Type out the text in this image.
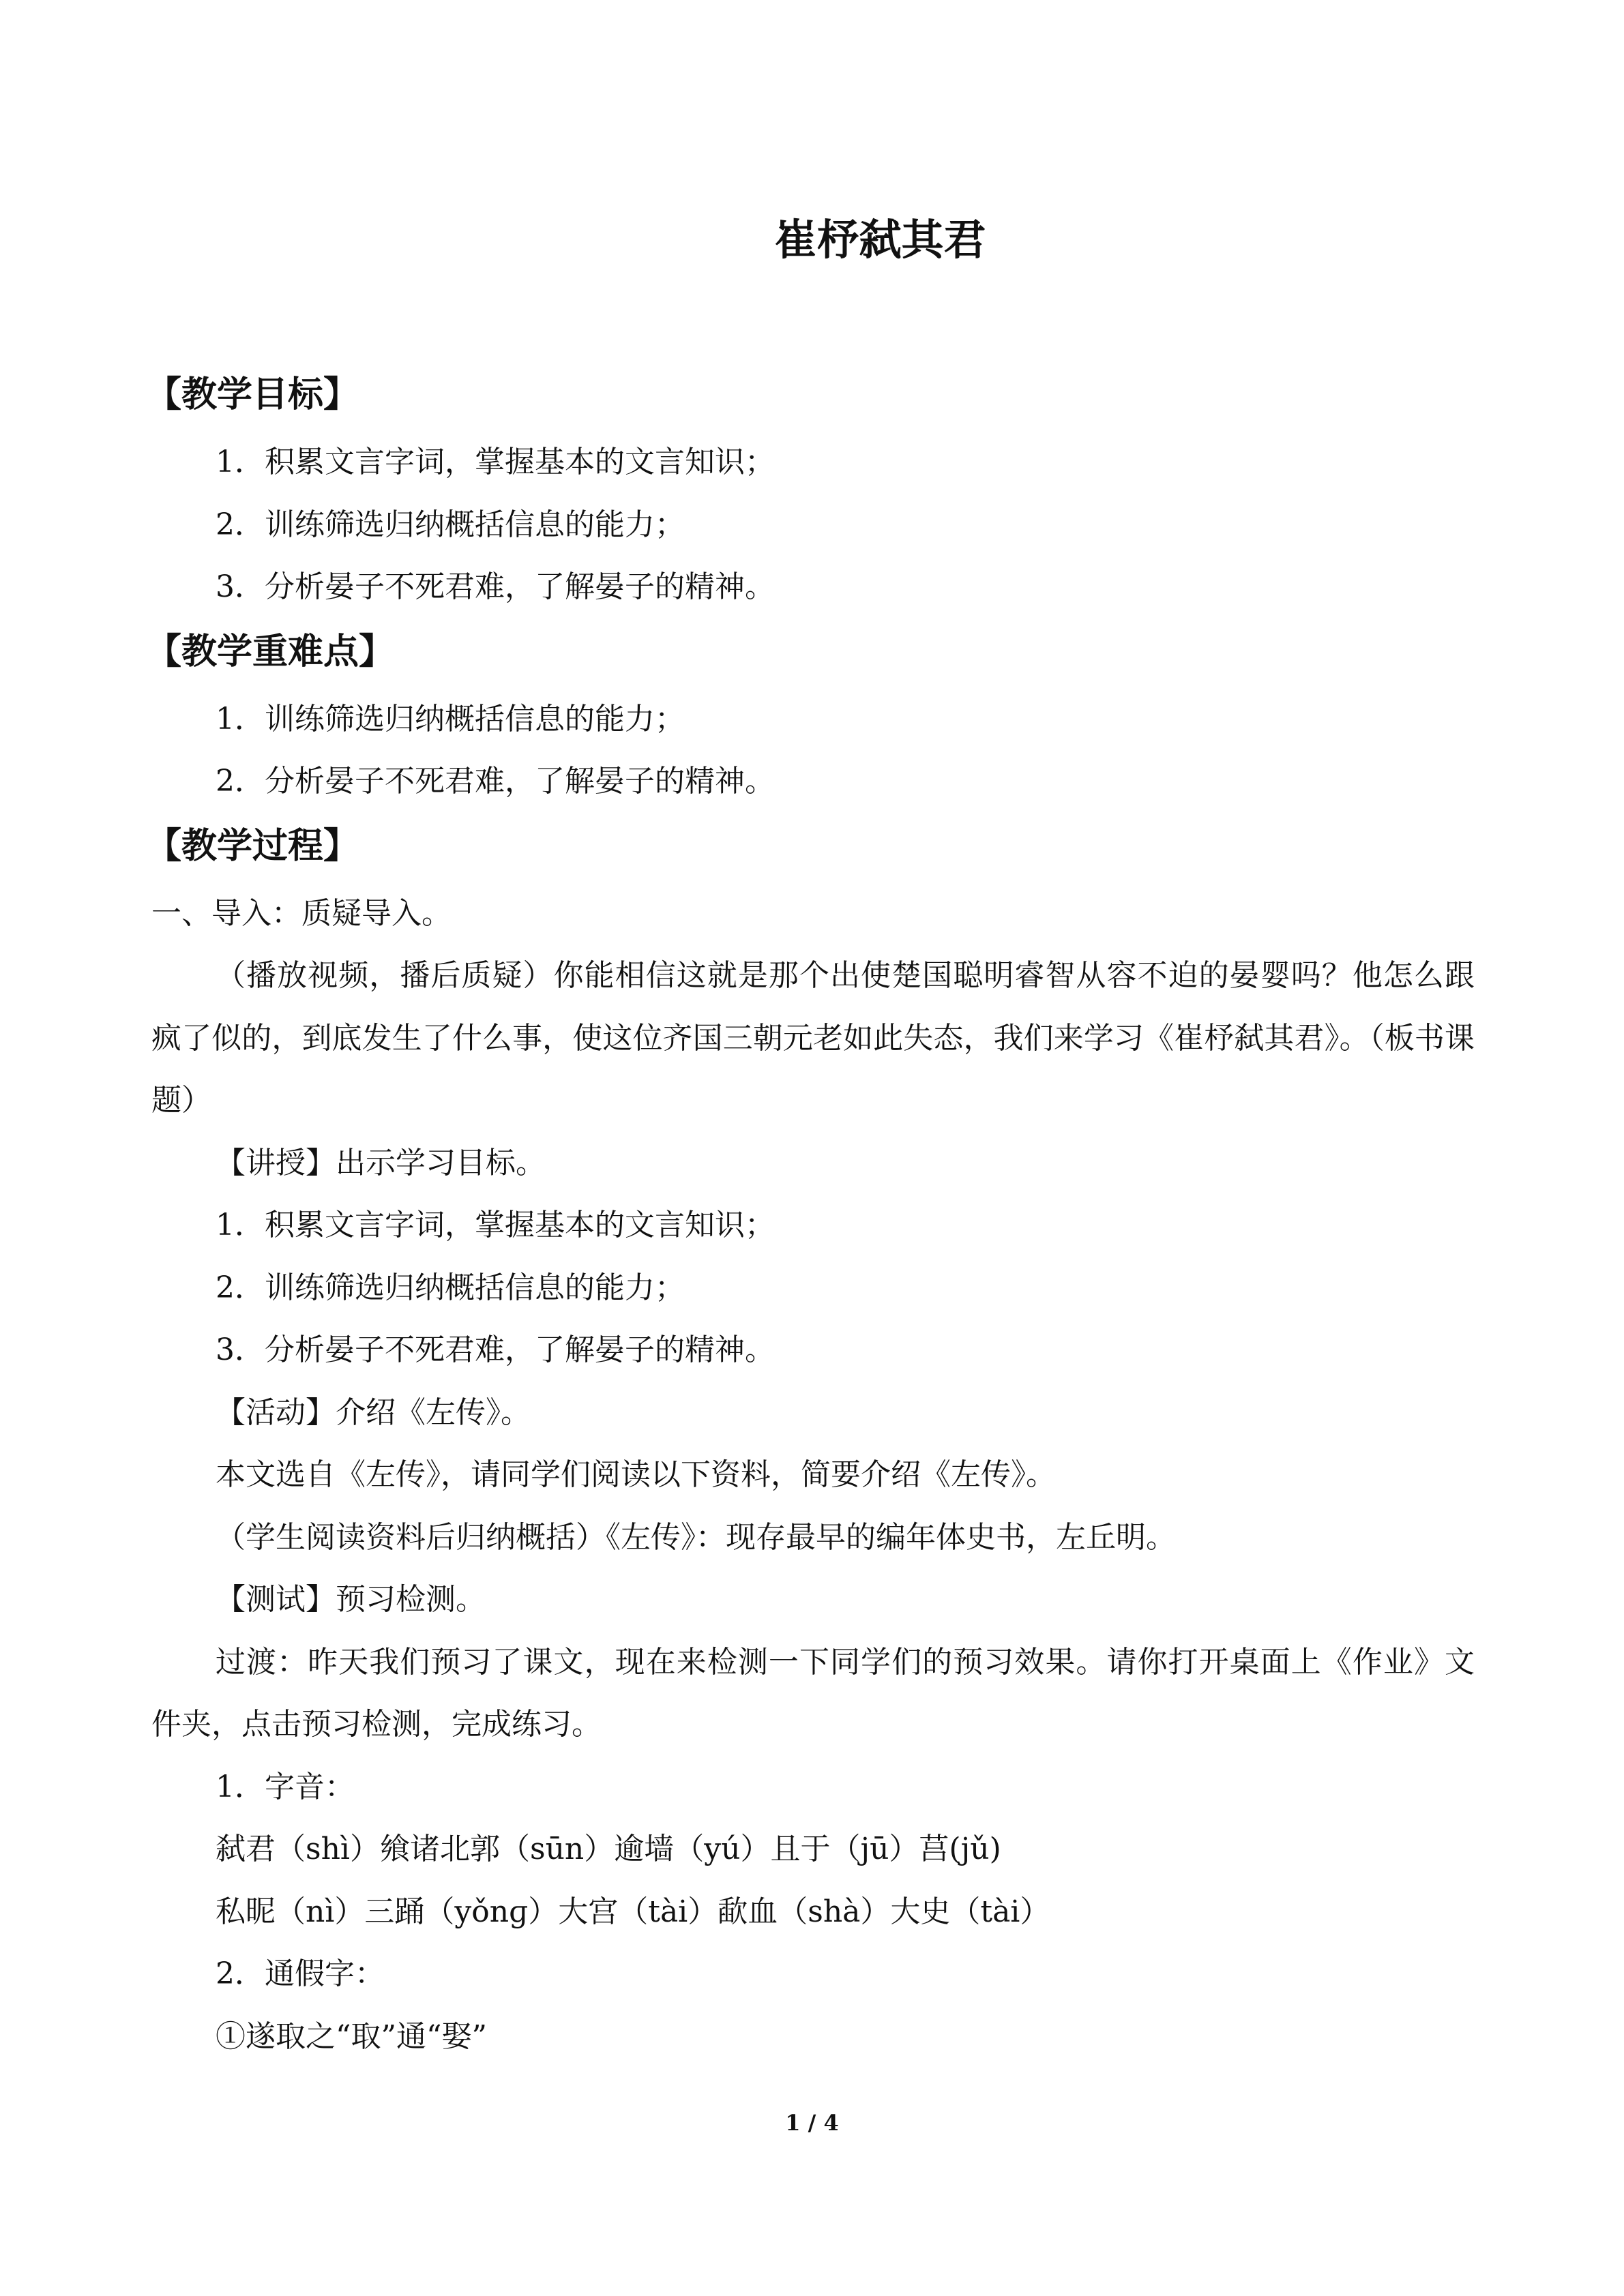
崔杼弑其君
【教学目标】
1．积累文言字词，掌握基本的文言知识；
2．训练筛选归纳概括信息的能力；
3．分析晏子不死君难，了解晏子的精神。
【教学重难点】
1．训练筛选归纳概括信息的能力；
2．分析晏子不死君难，了解晏子的精神。
【教学过程】
一、导入：质疑导入。
（播放视频，播后质疑）你能相信这就是那个出使楚国聪明睿智从容不迫的晏婴吗？他怎么跟疯了似的，到底发生了什么事，使这位齐国三朝元老如此失态，我们来学习《崔杼弑其君》。（板书课题）
【讲授】出示学习目标。
1．积累文言字词，掌握基本的文言知识；
2．训练筛选归纳概括信息的能力；
3．分析晏子不死君难，了解晏子的精神。
【活动】介绍《左传》。
本文选自《左传》，请同学们阅读以下资料，简要介绍《左传》。
（学生阅读资料后归纳概括）《左传》：现存最早的编年体史书，左丘明。
【测试】预习检测。
过渡：昨天我们预习了课文，现在来检测一下同学们的预习效果。请你打开桌面上《作业》文件夹，点击预习检测，完成练习。
1．字音：
弑君（shì）飨诸北郭（sūn）逾墙（yú）且于（jū）莒(jǔ)
私昵（nì）三踊（yǒnɡ）大宫（tài）歃血（shà）大史（tài）
2．通假字：
①遂取之“取”通“娶”
1 / 4
